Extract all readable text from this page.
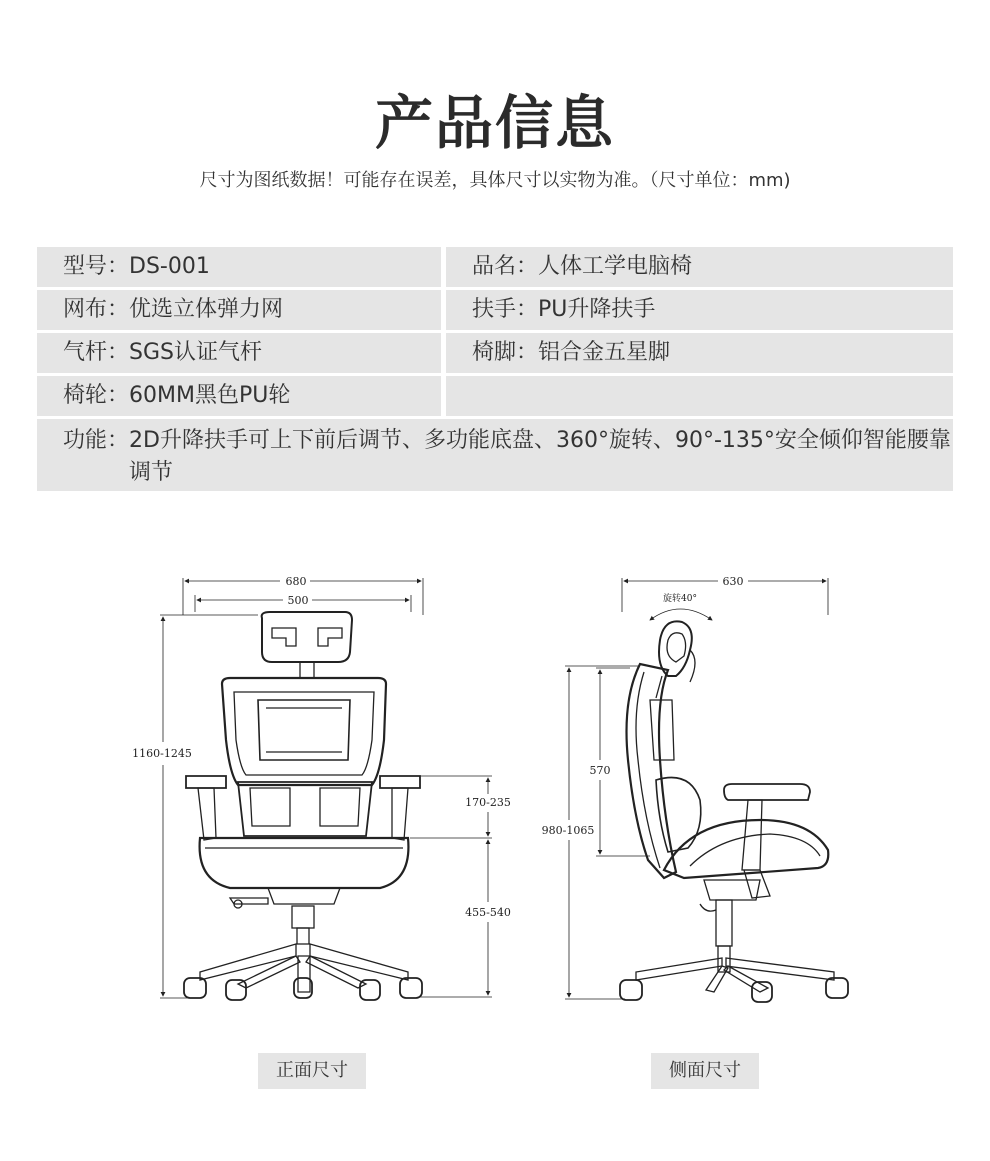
产品信息
尺寸为图纸数据！可能存在误差，具体尺寸以实物为准。（尺寸单位：mm)
型号：DS-001	品名：人体工学电脑椅
网布：优选立体弹力网	扶手：PU升降扶手
气杆：SGS认证气杆	椅脚：铝合金五星脚
椅轮：60MM黑色PU轮
功能： 2D升降扶手可上下前后调节、多功能底盘、360°旋转、90°-135°安全倾仰智能腰靠调节
680
500
1160-1245
170-235
455-540
630
旋转40°
570
980-1065
正面尺寸	侧面尺寸
